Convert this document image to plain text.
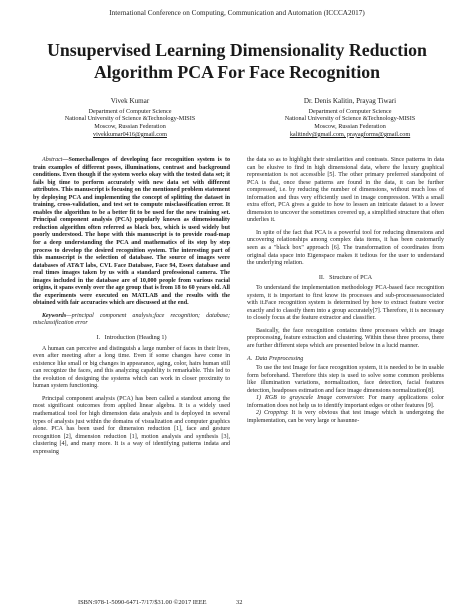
International Conference on Computing, Communication and Automation (ICCCA2017)
Unsupervised Learning Dimensionality Reduction
Algorithm PCA For Face Recognition
Vivek Kumar
Department of Computer Science
National University of Science &Technology-MISIS
Moscow, Russian Federation
vivekkumar0416@gmail.com
Dr. Denis Kalitin, Prayag Tiwari
Department of Computer Science
National University of Science &Technology-MISIS
Moscow, Russian Federation
kalitindv@gmail.com, prayagforms@gmail.com

Abstract—Somechallenges of developing face recognition system is to train examples of different poses, illuminations, contrast and background conditions. Even though if the system works okay with the tested data set; it fails big time to perform accurately with new data set with different attributes. This manuscript is focusing on the mentioned problem statement by deploying PCA and implementing the concept of splitting the dataset in training, cross-validation, and test set to compute misclassification error. It enables the algorithm to be a better fit to be used for the new training set. Principal component analysis (PCA) popularly known as dimensionality reduction algorithm often referred as black box, which is used widely but poorly understood. The hope with this manuscript is to provide road-map for a deep understanding the PCA and mathematics of its step by step process to develop the desired recognition system. The interesting part of this manuscript is the selection of database. The source of images were databases of AT&T labs, CVL Face Database, Face 94, Essex database and real times images taken by us with a standard professional camera. The images included in the database are of 10,000 people from various racial origins, it spans evenly over the age group that is from 18 to 60 years old. All the experiments were executed on MATLAB and the results with the obtained with fair accuracies which are discussed at the end.

Keywords—principal component analysis;face recognition; database; misclassification error

I.   Introduction (Heading 1)

A human can perceive and distinguish a large number of faces in their lives, even after meeting after a long time. Even if some changes have come in existence like small or big changes in appearance, aging, color, hairs human still can recognize the faces, and this analyzing capability is remarkable. This led to the evolution of designing the systems which can work in closer proximity to human system functioning.

Principal component analysis (PCA) has been called a standout among the most significant outcomes from applied linear algebra. It is a widely used mathematical tool for high dimension data analysis and is deployed in several types of analysis just within the domains of visualization and computer graphics alone. PCA has been used for dimension reduction [1], face and gesture recognition [2], dimension reduction [1], motion analysis and synthesis [3], clustering [4], and many more. It is a way of identifying patterns indata and expressing

the data so as to highlight their similarities and contrasts. Since patterns in data can be elusive to find in high dimensional data, where the luxury graphical representation is not accessible [5]. The other primary preferred standpoint of PCA is that, once these patterns are found in the data, it can be further compressed, i.e. by reducing the number of dimensions, without much loss of information and thus very efficiently used in image compression. With a small extra effort, PCA gives a guide to how to lessen an intricate dataset to a lower dimension to uncover the sometimes covered up, a simplified structure that often underlies it.

In spite of the fact that PCA is a powerful tool for reducing dimensions and uncovering relationships among complex data items, it has been customarily seen as a "black box" approach [6]. The transformation of coordinates from original data space into Eigenspace makes it tedious for the user to understand the underlying relation.

II.   Structure of PCA

To understand the implementation methodology PCA-based face recognition system, it is important to first know its processes and sub-processesassociated with it.Face recognition system is determined by how to extract feature vector exactly and to classify them into a group accurately[7]. Therefore, it is necessary to closely focus at the feature extractor and classifier.

Basically, the face recognition contains three processes which are image preprocessing, feature extraction and clustering. Within these three process, there are further different steps which are presented below in a lucid manner.

A.  Data Preprocessing

To use the test Image for face recognition system, it is needed to be in usable form beforehand. Therefore this step is used to solve some common problems like illumination variations, normalization, face detection, facial features detection, headposes estimation and face image dimensions normalization[8].

1) RGB to grayscale Image conversion: For many applications color information does not help us to identify important edges or other features [9].

2) Cropping: It is very obvious that test image which is undergoing the implementation, can be very large or hasunne-

ISBN:978-1-5090-6471-7/17/$31.00 ©2017 IEEE	32
